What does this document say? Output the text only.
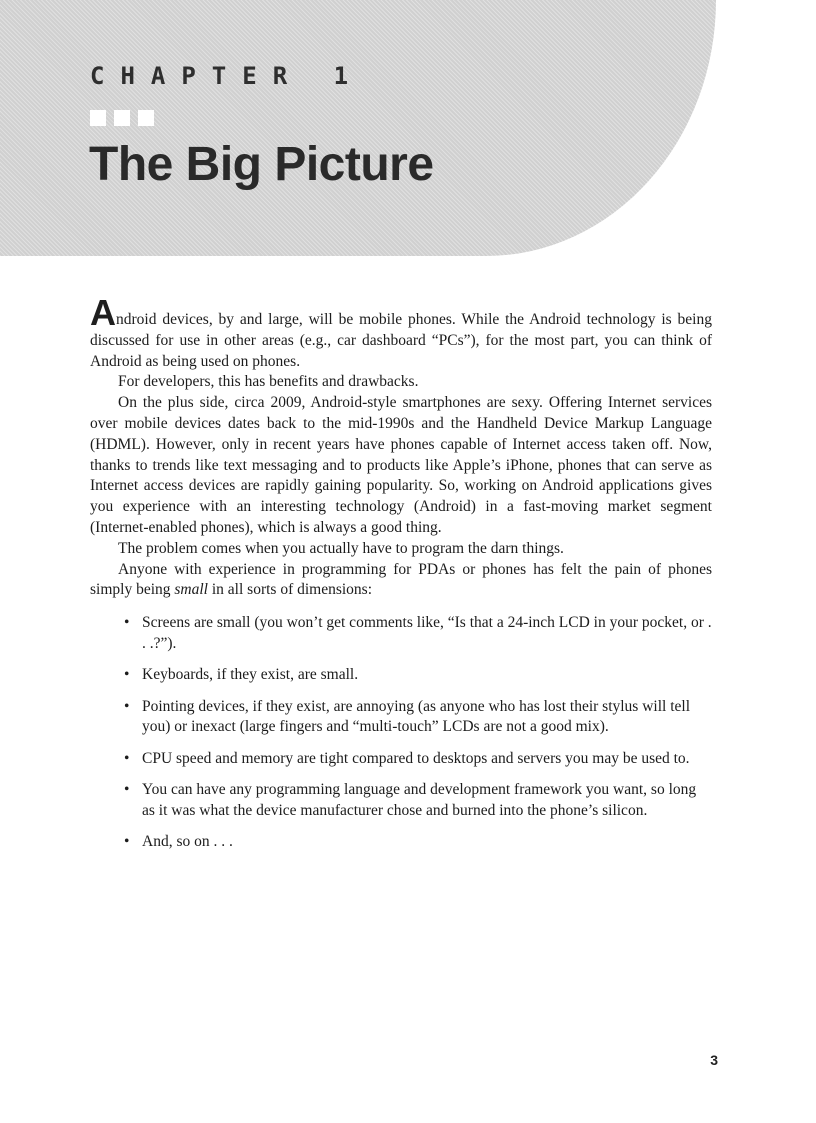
CHAPTER 1
The Big Picture

Android devices, by and large, will be mobile phones. While the Android technology is being discussed for use in other areas (e.g., car dashboard “PCs”), for the most part, you can think of Android as being used on phones.

For developers, this has benefits and drawbacks.

On the plus side, circa 2009, Android-style smartphones are sexy. Offering Internet services over mobile devices dates back to the mid-1990s and the Handheld Device Markup Language (HDML). However, only in recent years have phones capable of Internet access taken off. Now, thanks to trends like text messaging and to products like Apple’s iPhone, phones that can serve as Internet access devices are rapidly gaining popularity. So, working on Android applications gives you experience with an interesting technology (Android) in a fast-moving market segment (Internet-enabled phones), which is always a good thing.

The problem comes when you actually have to program the darn things.

Anyone with experience in programming for PDAs or phones has felt the pain of phones simply being small in all sorts of dimensions:

• Screens are small (you won’t get comments like, “Is that a 24-inch LCD in your pocket, or . . .?”).
• Keyboards, if they exist, are small.
• Pointing devices, if they exist, are annoying (as anyone who has lost their stylus will tell you) or inexact (large fingers and “multi-touch” LCDs are not a good mix).
• CPU speed and memory are tight compared to desktops and servers you may be used to.
• You can have any programming language and development framework you want, so long as it was what the device manufacturer chose and burned into the phone’s silicon.
• And, so on . . .
3
